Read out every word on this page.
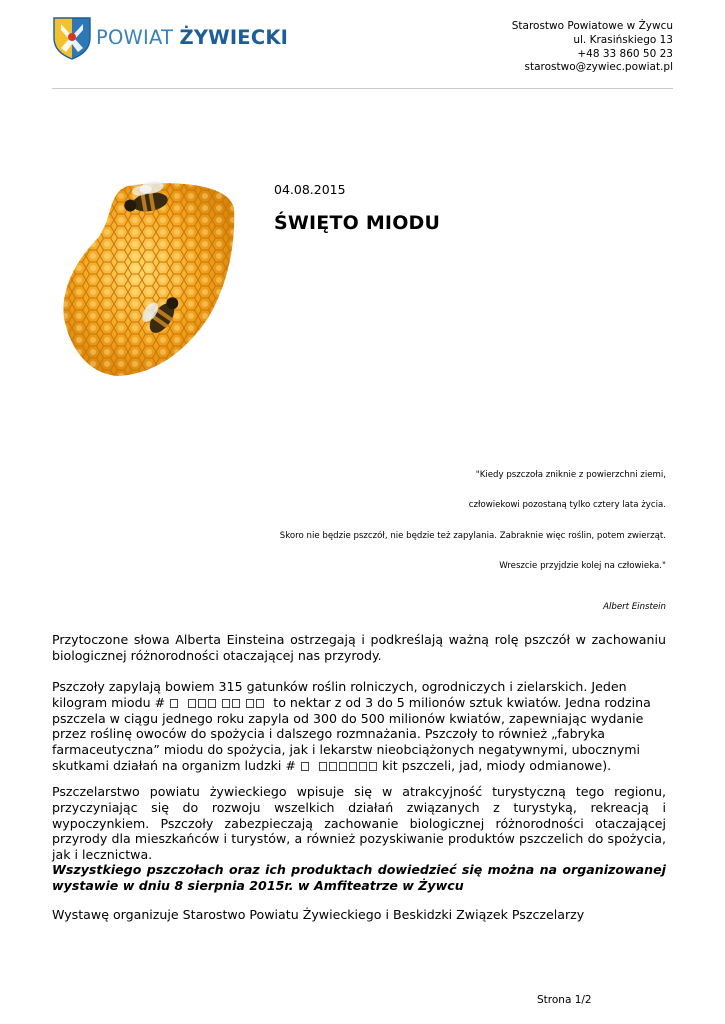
POWIAT ŻYWIECKI	Starostwo Powiatowe w Żywcu
ul. Krasińskiego 13
+48 33 860 50 23
starostwo@zywiec.powiat.pl
04.08.2015
ŚWIĘTO MIODU
"Kiedy pszczoła zniknie z powierzchni ziemi,
człowiekowi pozostaną tylko cztery lata życia.
Skoro nie będzie pszczół, nie będzie też zapylania. Zabraknie więc roślin, potem zwierząt.
Wreszcie przyjdzie kolej na człowieka."
Albert Einstein
Przytoczone słowa Alberta Einsteina ostrzegają i podkreślają ważną rolę pszczół w zachowaniu biologicznej różnorodności otaczającej nas przyrody.
Pszczoły zapylają bowiem 315 gatunków roślin rolniczych, ogrodniczych i zielarskich. Jeden kilogram miodu #	to nektar z od 3 do 5 milionów sztuk kwiatów. Jedna rodzina pszczela w ciągu jednego roku zapyla od 300 do 500 milionów kwiatów, zapewniając wydanie przez roślinę owoców do spożycia i dalszego rozmnażania. Pszczoły to również „fabryka farmaceutyczna” miodu do spożycia, jak i lekarstw nieobciążonych negatywnymi, ubocznymi skutkami działań na organizm ludzki #	kit pszczeli, jad, miody odmianowe).
Pszczelarstwo powiatu żywieckiego wpisuje się w atrakcyjność turystyczną tego regionu, przyczyniając się do rozwoju wszelkich działań związanych z turystyką, rekreacją i wypoczynkiem. Pszczoły zabezpieczają zachowanie biologicznej różnorodności otaczającej przyrody dla mieszkańców i turystów, a również pozyskiwanie produktów pszczelich do spożycia, jak i lecznictwa.
Wszystkiego pszczołach oraz ich produktach dowiedzieć się można na organizowanej wystawie w dniu 8 sierpnia 2015r. w Amfiteatrze w Żywcu
Wystawę organizuje Starostwo Powiatu Żywieckiego i Beskidzki Związek Pszczelarzy
Strona 1/2
